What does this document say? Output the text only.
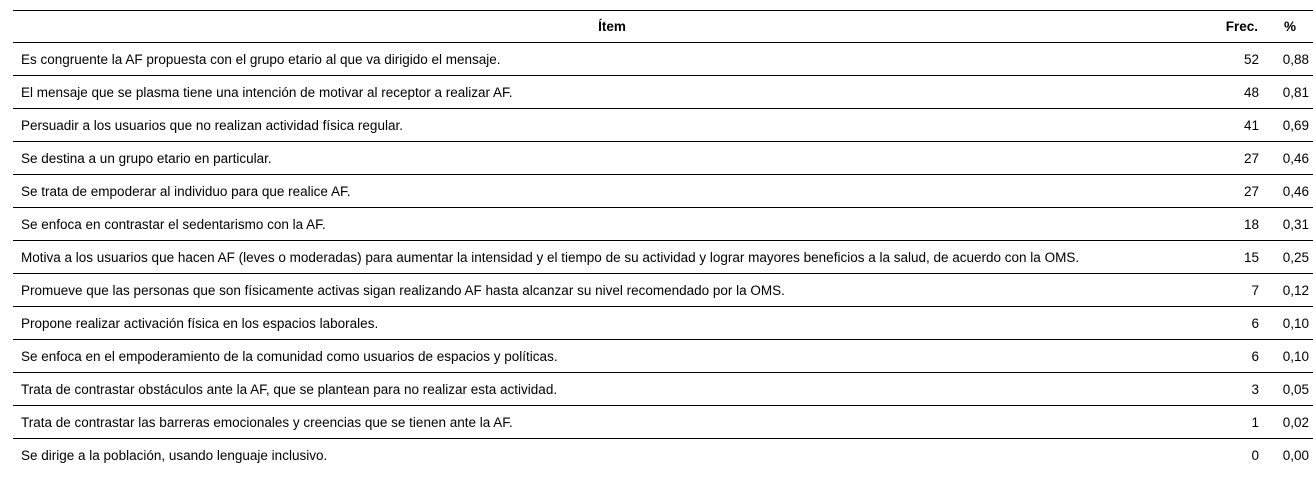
Ítem	Frec.	%
Es congruente la AF propuesta con el grupo etario al que va dirigido el mensaje.	52	0,88
El mensaje que se plasma tiene una intención de motivar al receptor a realizar AF.	48	0,81
Persuadir a los usuarios que no realizan actividad física regular.	41	0,69
Se destina a un grupo etario en particular.	27	0,46
Se trata de empoderar al individuo para que realice AF.	27	0,46
Se enfoca en contrastar el sedentarismo con la AF.	18	0,31
Motiva a los usuarios que hacen AF (leves o moderadas) para aumentar la intensidad y el tiempo de su actividad y lograr mayores beneficios a la salud, de acuerdo con la OMS.	15	0,25
Promueve que las personas que son físicamente activas sigan realizando AF hasta alcanzar su nivel recomendado por la OMS.	7	0,12
Propone realizar activación física en los espacios laborales.	6	0,10
Se enfoca en el empoderamiento de la comunidad como usuarios de espacios y políticas.	6	0,10
Trata de contrastar obstáculos ante la AF, que se plantean para no realizar esta actividad.	3	0,05
Trata de contrastar las barreras emocionales y creencias que se tienen ante la AF.	1	0,02
Se dirige a la población, usando lenguaje inclusivo.	0	0,00
